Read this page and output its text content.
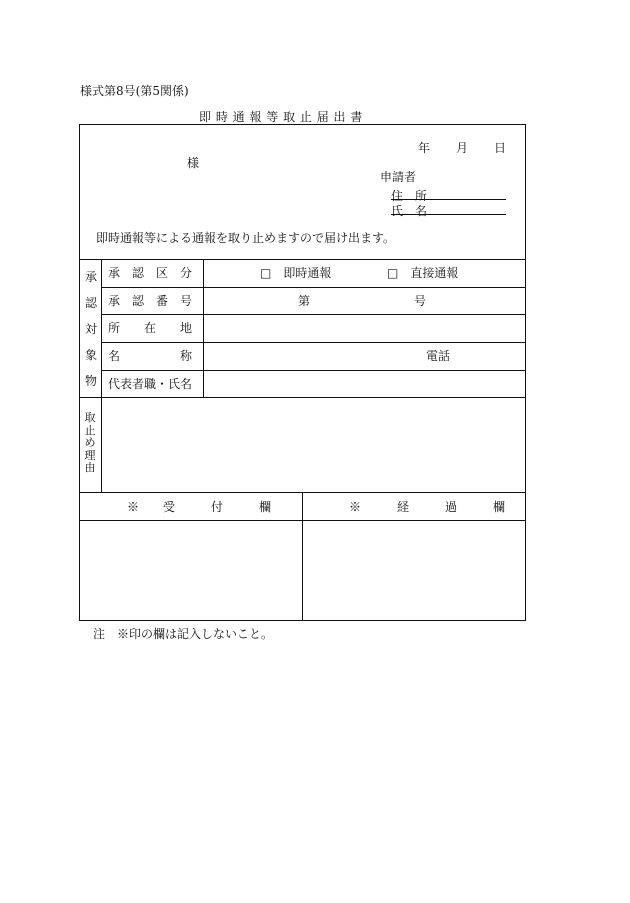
様式第8号(第5関係)
即 時 通 報 等 取 止 届 出 書
年 月 日
様
申請者
住　所
氏　名
即時通報等による通報を取り止めますので届け出ます。
承
認
対
象
物
承　認　区　分	□　即時通報	□　直接通報
承　認　番　号	第	号
所　　在　　地
名　　　　　称	電話
代表者職・氏名
取止め理由
※　　受　　　付　　　欄	※　　　経　　　過　　　欄
注　※印の欄は記入しないこと。
